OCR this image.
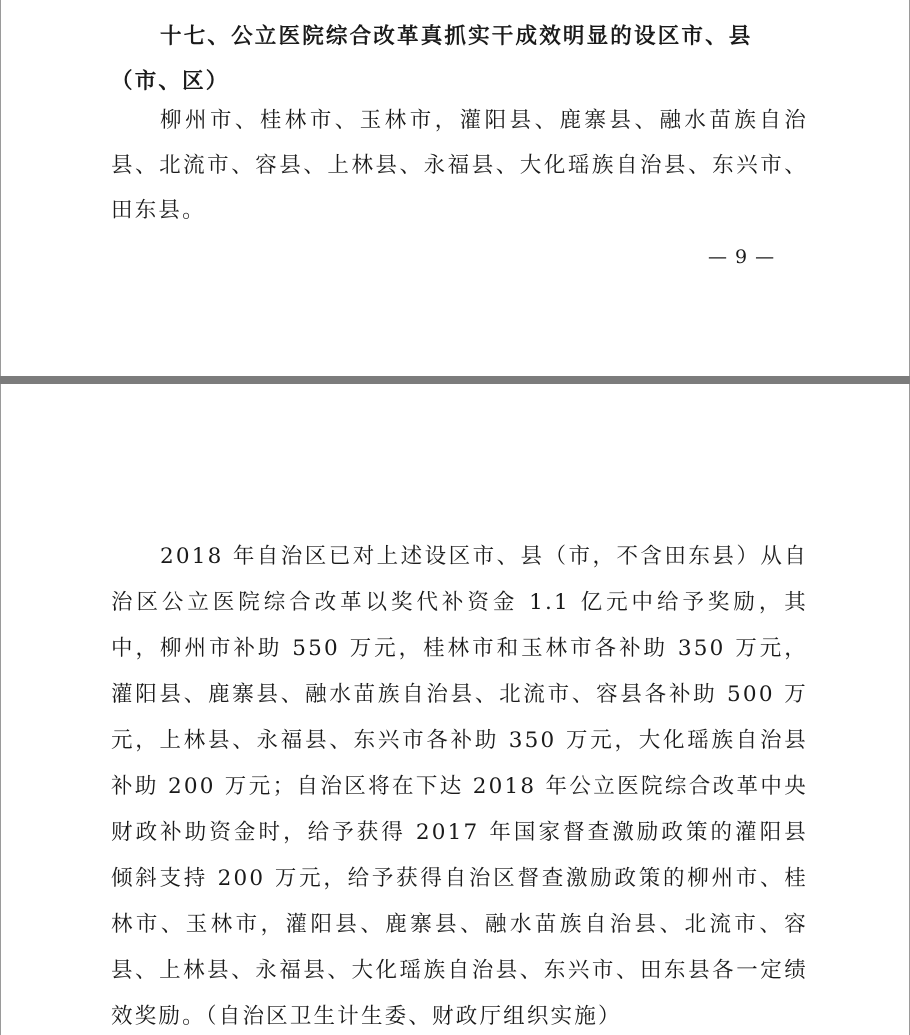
十七、公立医院综合改革真抓实干成效明显的设区市、县（市、区）

柳州市、桂林市、玉林市，灌阳县、鹿寨县、融水苗族自治县、北流市、容县、上林县、永福县、大化瑶族自治县、东兴市、田东县。

— 9 —

2018 年自治区已对上述设区市、县（市，不含田东县）从自治区公立医院综合改革以奖代补资金 1.1 亿元中给予奖励，其中，柳州市补助 550 万元，桂林市和玉林市各补助 350 万元，灌阳县、鹿寨县、融水苗族自治县、北流市、容县各补助 500 万元，上林县、永福县、东兴市各补助 350 万元，大化瑶族自治县补助 200 万元；自治区将在下达 2018 年公立医院综合改革中央财政补助资金时，给予获得 2017 年国家督查激励政策的灌阳县倾斜支持 200 万元，给予获得自治区督查激励政策的柳州市、桂林市、玉林市，灌阳县、鹿寨县、融水苗族自治县、北流市、容县、上林县、永福县、大化瑶族自治县、东兴市、田东县各一定绩效奖励。（自治区卫生计生委、财政厅组织实施）
